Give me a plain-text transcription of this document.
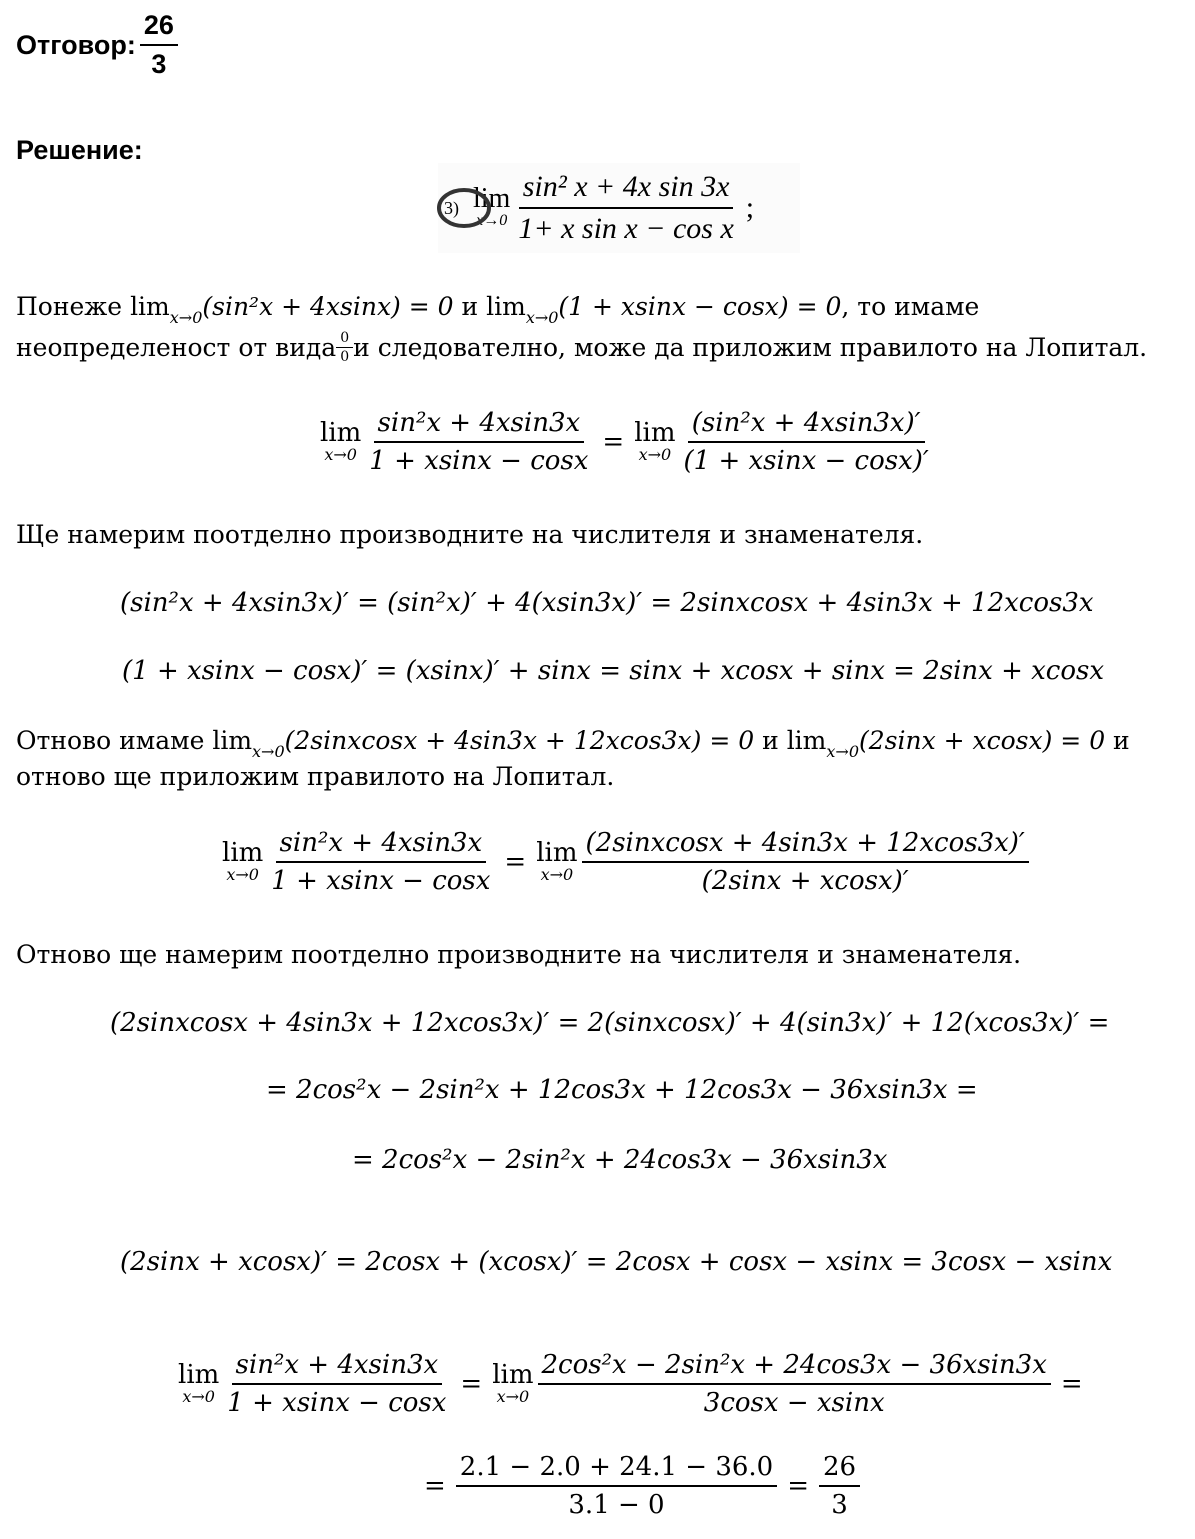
Отговор: $\frac{26}{3}$
Решение:
3) lim
$x\to 0 \frac{\text{sin² x + 4x sin 3x}}{\text{1+ x sin x − cos x}}$ ;
Понеже $\lim_{x\to 0}(\sin^2x + 4xsinx) = 0$ и $\lim_{x\to 0}(1 + xsinx - \cos x) = 0$, то имаме
неопределеност от вида $\frac{0}{0}$ и следователно, може да приложим правилото на Лопитал.
lim
$x\to 0 \frac{\text{sin²x + 4xsin3x}}{1 + xsinx - \cos x} = \lim$
$x\to 0 \frac{\text{(sin²x + 4xsin3x)′}}{(1 + xsinx - \cos x)'}$
Ще намерим поотделно производните на числителя и знаменателя.
(sin²x + 4xsin3x)′ = (sin²x)′ + 4(xsin3x)′ = 2sinxcosx + 4sin3x + 12xcos3x
(1 + xsinx − cosx)′ = (xsinx)′ + sinx = sinx + xcosx + sinx = 2sinx + xcosx
Отново имаме $\lim_{x\to 0}(2sinxcosx + 4\sin 3x + 12xcos3x) = 0$ и $\lim_{x\to 0}(2\sin x + xcosx) = 0$ и
отново ще приложим правилото на Лопитал.
lim
$x\to 0 \frac{\text{sin²x + 4xsin3x}}{1 + xsinx - \cos x} = \lim$
$x\to 0 \frac{\text{(2sinxcosx + 4sin3x + 12xcos3x)′}}{(2\sin x + xcosx)'}$
Отново ще намерим поотделно производните на числителя и знаменателя.
(2sinxcosx + 4sin3x + 12xcos3x)′ = 2(sinxcosx)′ + 4(sin3x)′ + 12(xcos3x)′ =
= 2cos²x − 2sin²x + 12cos3x + 12cos3x − 36xsin3x =
= 2cos²x − 2sin²x + 24cos3x − 36xsin3x
(2sinx + xcosx)′ = 2cosx + (xcosx)′ = 2cosx + cosx − xsinx = 3cosx − xsinx
lim
$x\to 0 \frac{\text{sin²x + 4xsin3x}}{1 + xsinx - \cos x} = \lim$
$x\to 0 \frac{\text{2cos²x − 2sin²x + 24cos3x − 36xsin3x}}{3\cos x - xsinx}$ =
= $\frac{2.1 - 2.0 + 24.1 - 36.0}{3.1 - 0} = \frac{26}{3}$
